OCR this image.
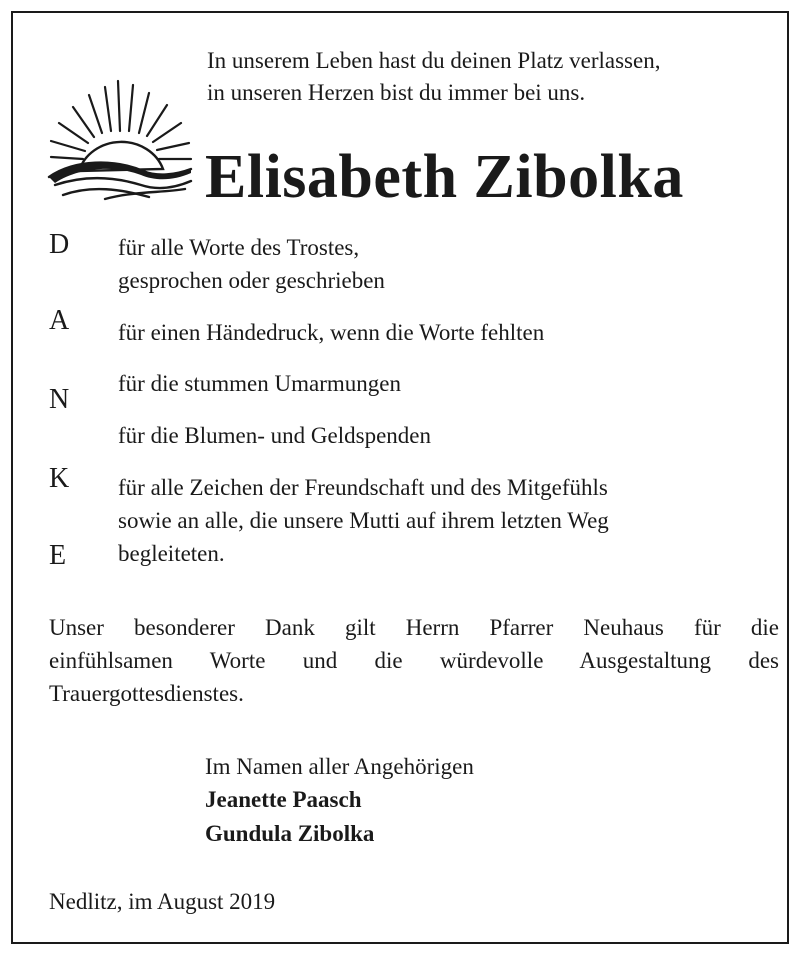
In unserem Leben hast du deinen Platz verlassen,
in unseren Herzen bist du immer bei uns.
Elisabeth Zibolka
D
A
N
K
E
für alle Worte des Trostes,
gesprochen oder geschrieben
für einen Händedruck, wenn die Worte fehlten
für die stummen Umarmungen
für die Blumen- und Geldspenden
für alle Zeichen der Freundschaft und des Mitgefühls
sowie an alle, die unsere Mutti auf ihrem letzten Weg
begleiteten.
Unser besonderer Dank gilt Herrn Pfarrer Neuhaus für die
einfühlsamen Worte und die würdevolle Ausgestaltung des
Trauergottesdienstes.
Im Namen aller Angehörigen
Jeanette Paasch
Gundula Zibolka
Nedlitz, im August 2019
